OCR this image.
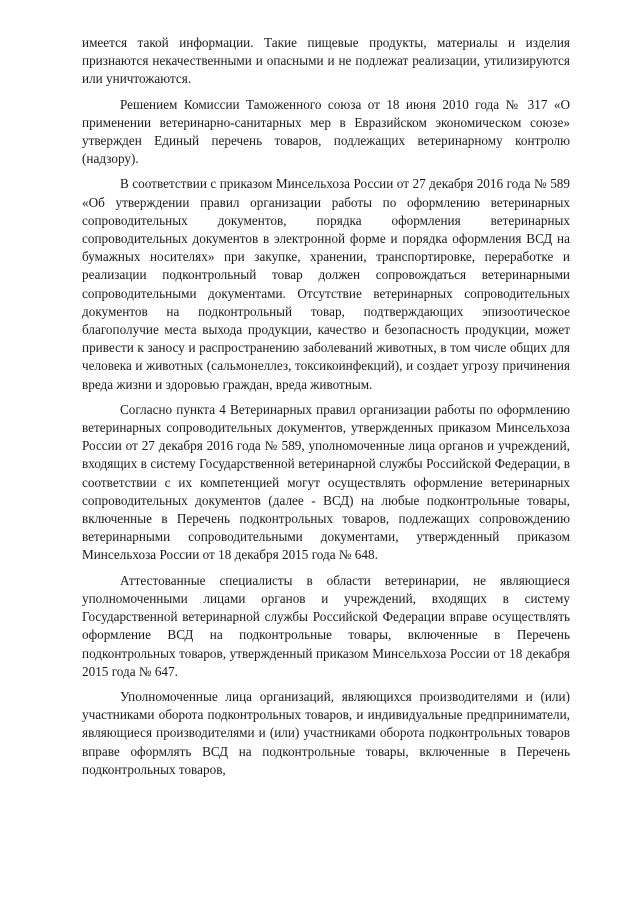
имеется такой информации. Такие пищевые продукты, материалы и изделия признаются некачественными и опасными и не подлежат реализации, утилизируются или уничтожаются.

Решением Комиссии Таможенного союза от 18 июня 2010 года № 317 «О применении ветеринарно-санитарных мер в Евразийском экономическом союзе» утвержден Единый перечень товаров, подлежащих ветеринарному контролю (надзору).

В соответствии с приказом Минсельхоза России от 27 декабря 2016 года № 589 «Об утверждении правил организации работы по оформлению ветеринарных сопроводительных документов, порядка оформления ветеринарных сопроводительных документов в электронной форме и порядка оформления ВСД на бумажных носителях» при закупке, хранении, транспортировке, переработке и реализации подконтрольный товар должен сопровождаться ветеринарными сопроводительными документами. Отсутствие ветеринарных сопроводительных документов на подконтрольный товар, подтверждающих эпизоотическое благополучие места выхода продукции, качество и безопасность продукции, может привести к заносу и распространению заболеваний животных, в том числе общих для человека и животных (сальмонеллез, токсикоинфекций), и создает угрозу причинения вреда жизни и здоровью граждан, вреда животным.

Согласно пункта 4 Ветеринарных правил организации работы по оформлению ветеринарных сопроводительных документов, утвержденных приказом Минсельхоза России от 27 декабря 2016 года № 589, уполномоченные лица органов и учреждений, входящих в систему Государственной ветеринарной службы Российской Федерации, в соответствии с их компетенцией могут осуществлять оформление ветеринарных сопроводительных документов (далее - ВСД) на любые подконтрольные товары, включенные в Перечень подконтрольных товаров, подлежащих сопровождению ветеринарными сопроводительными документами, утвержденный приказом Минсельхоза России от 18 декабря 2015 года № 648.

Аттестованные специалисты в области ветеринарии, не являющиеся уполномоченными лицами органов и учреждений, входящих в систему Государственной ветеринарной службы Российской Федерации вправе осуществлять оформление ВСД на подконтрольные товары, включенные в Перечень подконтрольных товаров, утвержденный приказом Минсельхоза России от 18 декабря 2015 года № 647.

Уполномоченные лица организаций, являющихся производителями и (или) участниками оборота подконтрольных товаров, и индивидуальные предприниматели, являющиеся производителями и (или) участниками оборота подконтрольных товаров вправе оформлять ВСД на подконтрольные товары, включенные в Перечень подконтрольных товаров,
